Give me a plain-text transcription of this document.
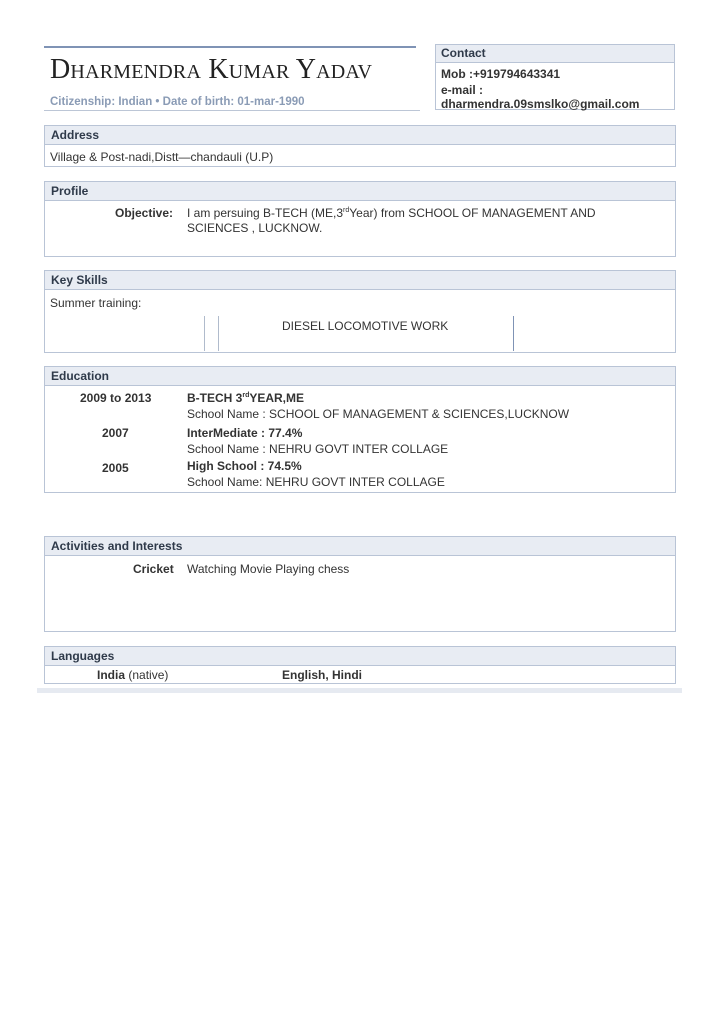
Dharmendra Kumar Yadav
Citizenship: Indian • Date of birth: 01-mar-1990
Contact
Mob :+919794643341
e-mail :
dharmendra.09smslko@gmail.com
Address
Village & Post-nadi,Distt—chandauli (U.P)
Profile
Objective: I am persuing B-TECH (ME,3rdYear) from SCHOOL OF MANAGEMENT AND
SCIENCES , LUCKNOW.
Key Skills
Summer training:
DIESEL LOCOMOTIVE WORK
Education
2009 to 2013	B-TECH 3rdYEAR,ME
School Name : SCHOOL OF MANAGEMENT & SCIENCES,LUCKNOW
2007	InterMediate : 77.4%
School Name : NEHRU GOVT INTER COLLAGE
2005	High School : 74.5%
School Name: NEHRU GOVT INTER COLLAGE
Activities and Interests
Cricket Watching Movie Playing chess
Languages
India (native)	English, Hindi
